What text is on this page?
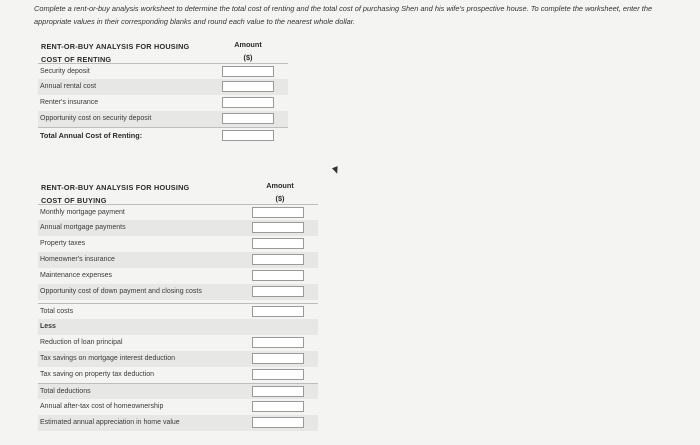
Complete a rent-or-buy analysis worksheet to determine the total cost of renting and the total cost of purchasing Shen and his wife's prospective house. To complete the worksheet, enter the appropriate values in their corresponding blanks and round each value to the nearest whole dollar.
RENT-OR-BUY ANALYSIS FOR HOUSING
COST OF RENTING
Amount
($)
Security deposit
Annual rental cost
Renter's insurance
Opportunity cost on security deposit
Total Annual Cost of Renting:
RENT-OR-BUY ANALYSIS FOR HOUSING
COST OF BUYING
Amount
($)
Monthly mortgage payment
Annual mortgage payments
Property taxes
Homeowner's insurance
Maintenance expenses
Opportunity cost of down payment and closing costs
Total costs
Less
Reduction of loan principal
Tax savings on mortgage interest deduction
Tax saving on property tax deduction
Total deductions
Annual after-tax cost of homeownership
Estimated annual appreciation in home value
